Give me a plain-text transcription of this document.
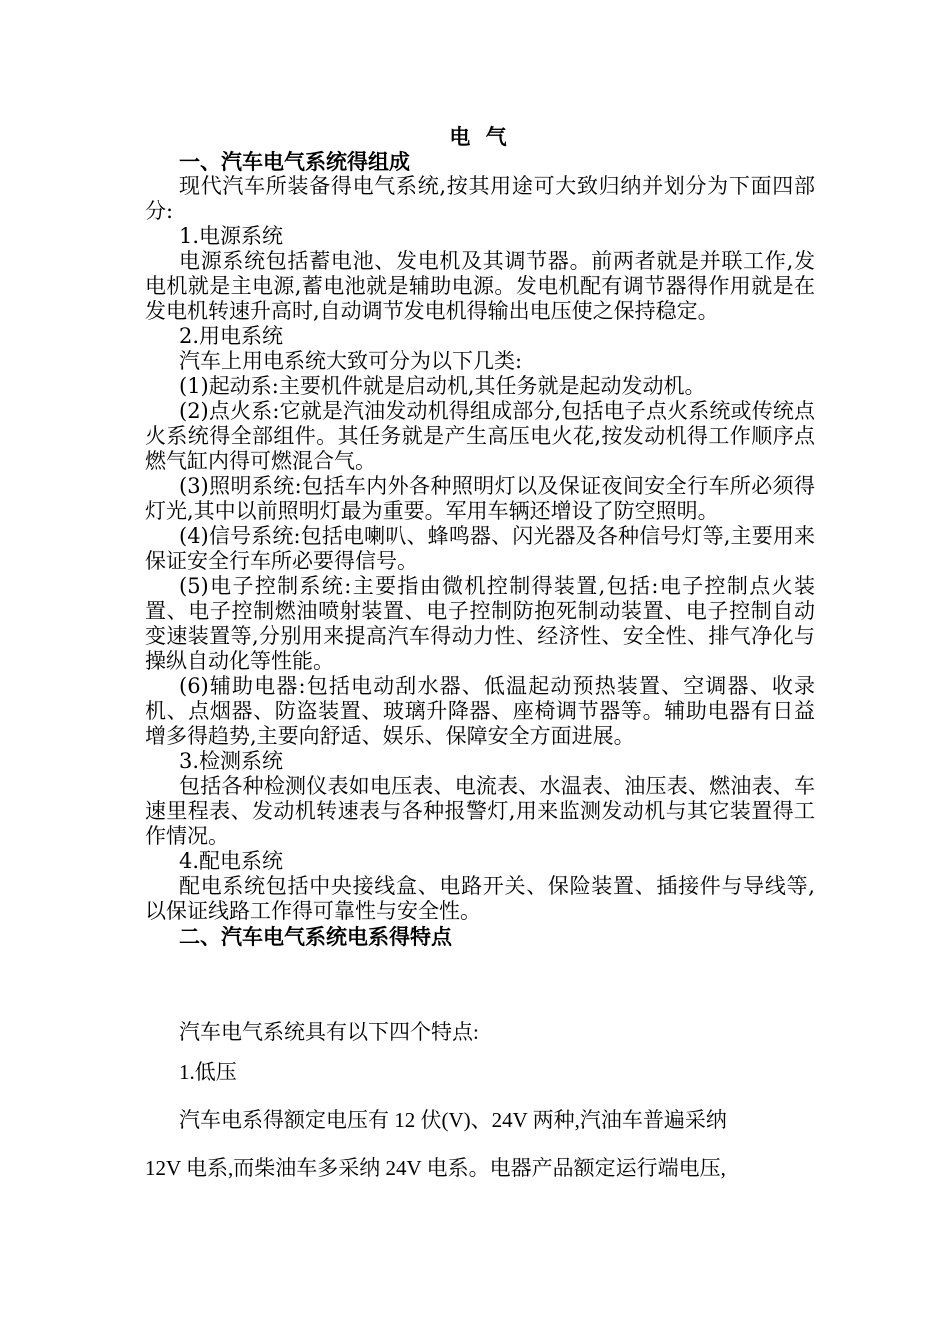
电 气
一、汽车电气系统得组成
现代汽车所装备得电气系统,按其用途可大致归纳并划分为下面四部分:
1.电源系统
电源系统包括蓄电池、发电机及其调节器。前两者就是并联工作,发电机就是主电源,蓄电池就是辅助电源。发电机配有调节器得作用就是在发电机转速升高时,自动调节发电机得输出电压使之保持稳定。
2.用电系统
汽车上用电系统大致可分为以下几类:
(1)起动系:主要机件就是启动机,其任务就是起动发动机。
(2)点火系:它就是汽油发动机得组成部分,包括电子点火系统或传统点火系统得全部组件。其任务就是产生高压电火花,按发动机得工作顺序点燃气缸内得可燃混合气。
(3)照明系统:包括车内外各种照明灯以及保证夜间安全行车所必须得灯光,其中以前照明灯最为重要。军用车辆还增设了防空照明。
(4)信号系统:包括电喇叭、蜂鸣器、闪光器及各种信号灯等,主要用来保证安全行车所必要得信号。
(5)电子控制系统:主要指由微机控制得装置,包括:电子控制点火装置、电子控制燃油喷射装置、电子控制防抱死制动装置、电子控制自动变速装置等,分别用来提高汽车得动力性、经济性、安全性、排气净化与操纵自动化等性能。
(6)辅助电器:包括电动刮水器、低温起动预热装置、空调器、收录机、点烟器、防盗装置、玻璃升降器、座椅调节器等。辅助电器有日益增多得趋势,主要向舒适、娱乐、保障安全方面进展。
3.检测系统
包括各种检测仪表如电压表、电流表、水温表、油压表、燃油表、车速里程表、发动机转速表与各种报警灯,用来监测发动机与其它装置得工作情况。
4.配电系统
配电系统包括中央接线盒、电路开关、保险装置、插接件与导线等,以保证线路工作得可靠性与安全性。
二、汽车电气系统电系得特点
汽车电气系统具有以下四个特点:
1.低压
汽车电系得额定电压有 12 伏(V)、24V 两种,汽油车普遍采纳
12V 电系,而柴油车多采纳 24V 电系。电器产品额定运行端电压,
